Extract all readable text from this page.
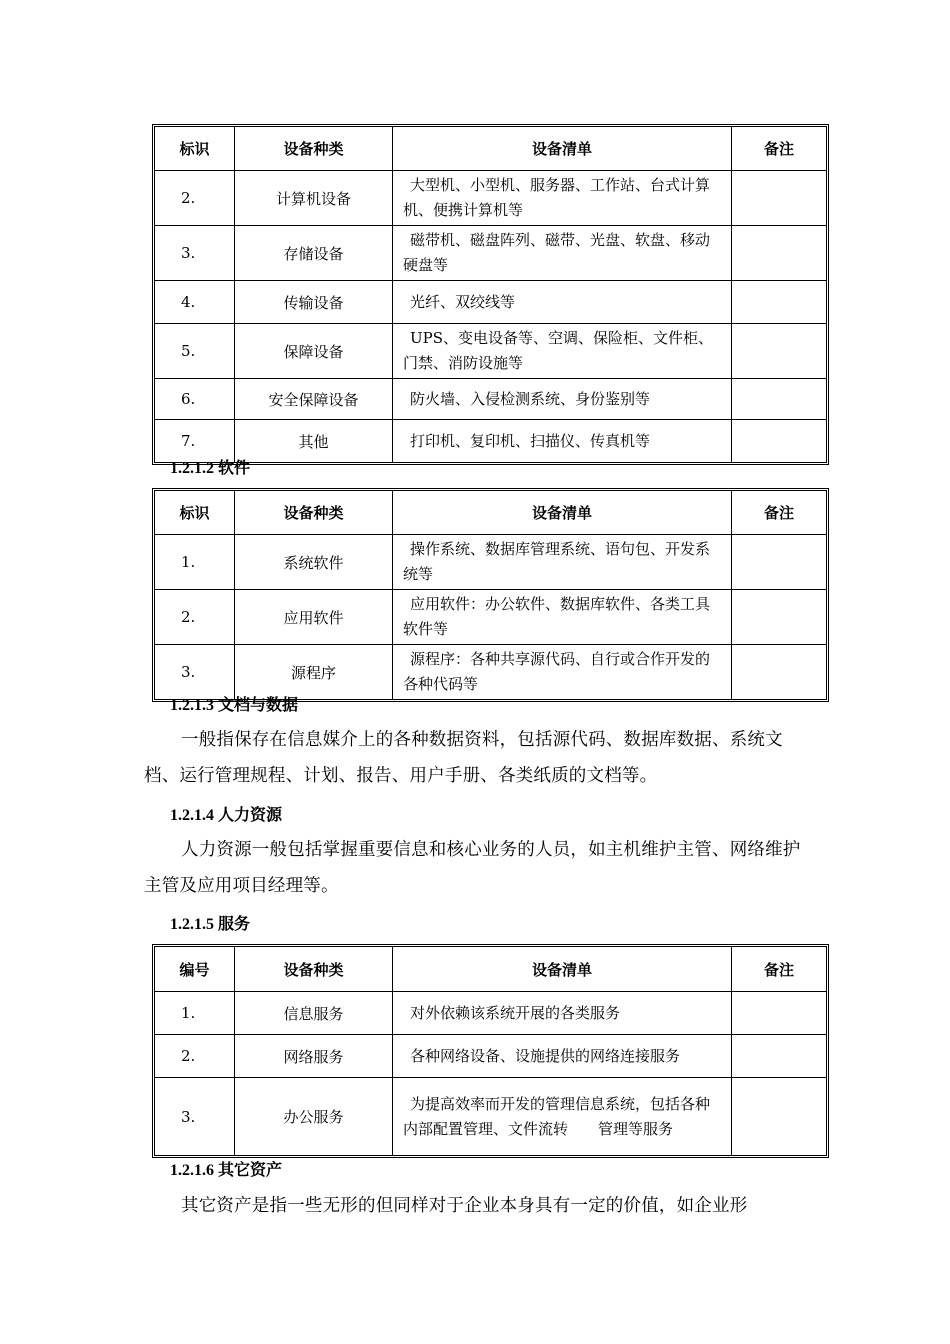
标识	设备种类	设备清单	备注
2.	计算机设备	大型机、小型机、服务器、工作站、台式计算机、便携计算机等	
3.	存储设备	磁带机、磁盘阵列、磁带、光盘、软盘、移动硬盘等	
4.	传输设备	光纤、双绞线等	
5.	保障设备	UPS、变电设备等、空调、保险柜、文件柜、门禁、消防设施等	
6.	安全保障设备	防火墙、入侵检测系统、身份鉴别等	
7.	其他	打印机、复印机、扫描仪、传真机等	
1.2.1.2 软件
标识	设备种类	设备清单	备注
1.	系统软件	操作系统、数据库管理系统、语句包、开发系统等	
2.	应用软件	应用软件：办公软件、数据库软件、各类工具软件等	
3.	源程序	源程序：各种共享源代码、自行或合作开发的各种代码等	
1.2.1.3 文档与数据
一般指保存在信息媒介上的各种数据资料，包括源代码、数据库数据、系统文档、运行管理规程、计划、报告、用户手册、各类纸质的文档等。
1.2.1.4 人力资源
人力资源一般包括掌握重要信息和核心业务的人员，如主机维护主管、网络维护主管及应用项目经理等。
1.2.1.5 服务
编号	设备种类	设备清单	备注
1.	信息服务	对外依赖该系统开展的各类服务	
2.	网络服务	各种网络设备、设施提供的网络连接服务	
3.	办公服务	为提高效率而开发的管理信息系统，包括各种内部配置管理、文件流转　　管理等服务	
1.2.1.6 其它资产
其它资产是指一些无形的但同样对于企业本身具有一定的价值，如企业形
